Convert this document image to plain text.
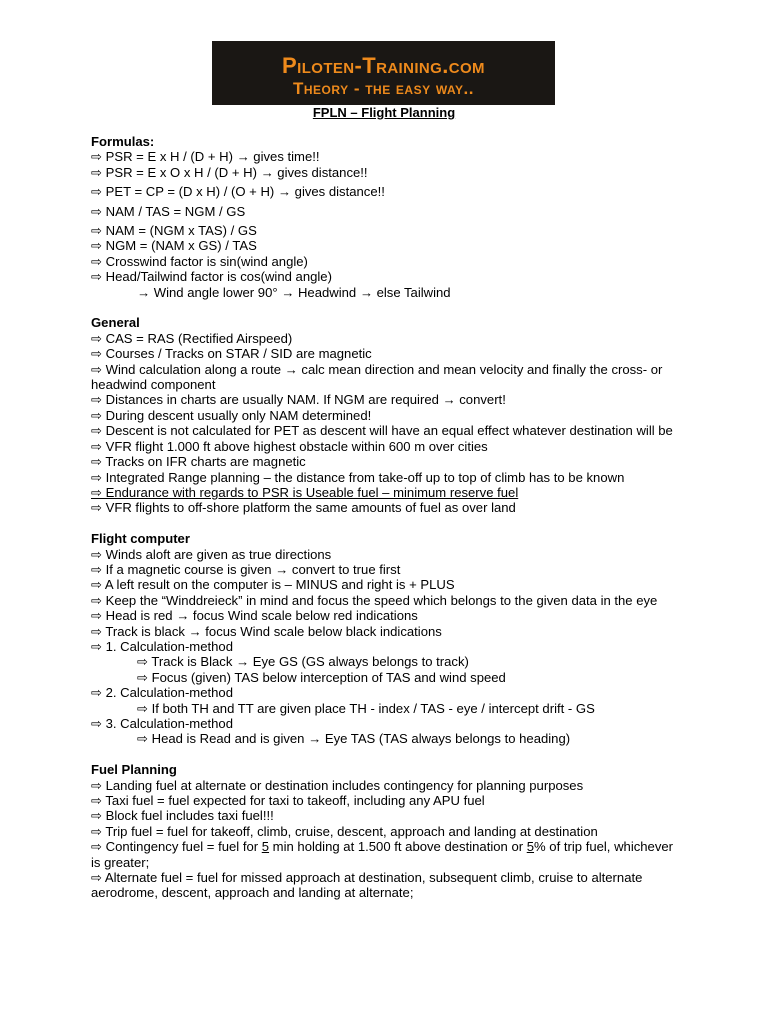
Piloten-Training.com
Theory - the easy way..
FPLN – Flight Planning
Formulas:
⇨ PSR = E x H / (D + H) → gives time!!
⇨ PSR = E x O x H / (D + H) → gives distance!!
⇨ PET = CP = (D x H) / (O + H) → gives distance!!
⇨ NAM / TAS = NGM / GS
⇨ NAM = (NGM x TAS) / GS
⇨ NGM = (NAM x GS) / TAS
⇨ Crosswind factor is sin(wind angle)
⇨ Head/Tailwind factor is cos(wind angle)
→ Wind angle lower 90° → Headwind → else Tailwind
General
⇨ CAS = RAS (Rectified Airspeed)
⇨ Courses / Tracks on STAR / SID are magnetic
⇨ Wind calculation along a route → calc mean direction and mean velocity and finally the cross- or headwind component
⇨ Distances in charts are usually NAM. If NGM are required → convert!
⇨ During descent usually only NAM determined!
⇨ Descent is not calculated for PET as descent will have an equal effect whatever destination will be
⇨ VFR flight 1.000 ft above highest obstacle within 600 m over cities
⇨ Tracks on IFR charts are magnetic
⇨ Integrated Range planning – the distance from take-off up to top of climb has to be known
⇨ Endurance with regards to PSR is Useable fuel – minimum reserve fuel
⇨ VFR flights to off-shore platform the same amounts of fuel as over land
Flight computer
⇨ Winds aloft are given as true directions
⇨ If a magnetic course is given → convert to true first
⇨ A left result on the computer is – MINUS and right is + PLUS
⇨ Keep the “Winddreieck” in mind and focus the speed which belongs to the given data in the eye
⇨ Head is red → focus Wind scale below red indications
⇨ Track is black → focus Wind scale below black indications
⇨ 1. Calculation-method
⇨ Track is Black → Eye GS (GS always belongs to track)
⇨ Focus (given) TAS below interception of TAS and wind speed
⇨ 2. Calculation-method
⇨ If both TH and TT are given place TH - index / TAS - eye / intercept drift - GS
⇨ 3. Calculation-method
⇨ Head is Read and is given → Eye TAS (TAS always belongs to heading)
Fuel Planning
⇨ Landing fuel at alternate or destination includes contingency for planning purposes
⇨ Taxi fuel = fuel expected for taxi to takeoff, including any APU fuel
⇨ Block fuel includes taxi fuel!!!
⇨ Trip fuel = fuel for takeoff, climb, cruise, descent, approach and landing at destination
⇨ Contingency fuel = fuel for 5 min holding at 1.500 ft above destination or 5% of trip fuel, whichever is greater;
⇨ Alternate fuel = fuel for missed approach at destination, subsequent climb, cruise to alternate aerodrome, descent, approach and landing at alternate;
